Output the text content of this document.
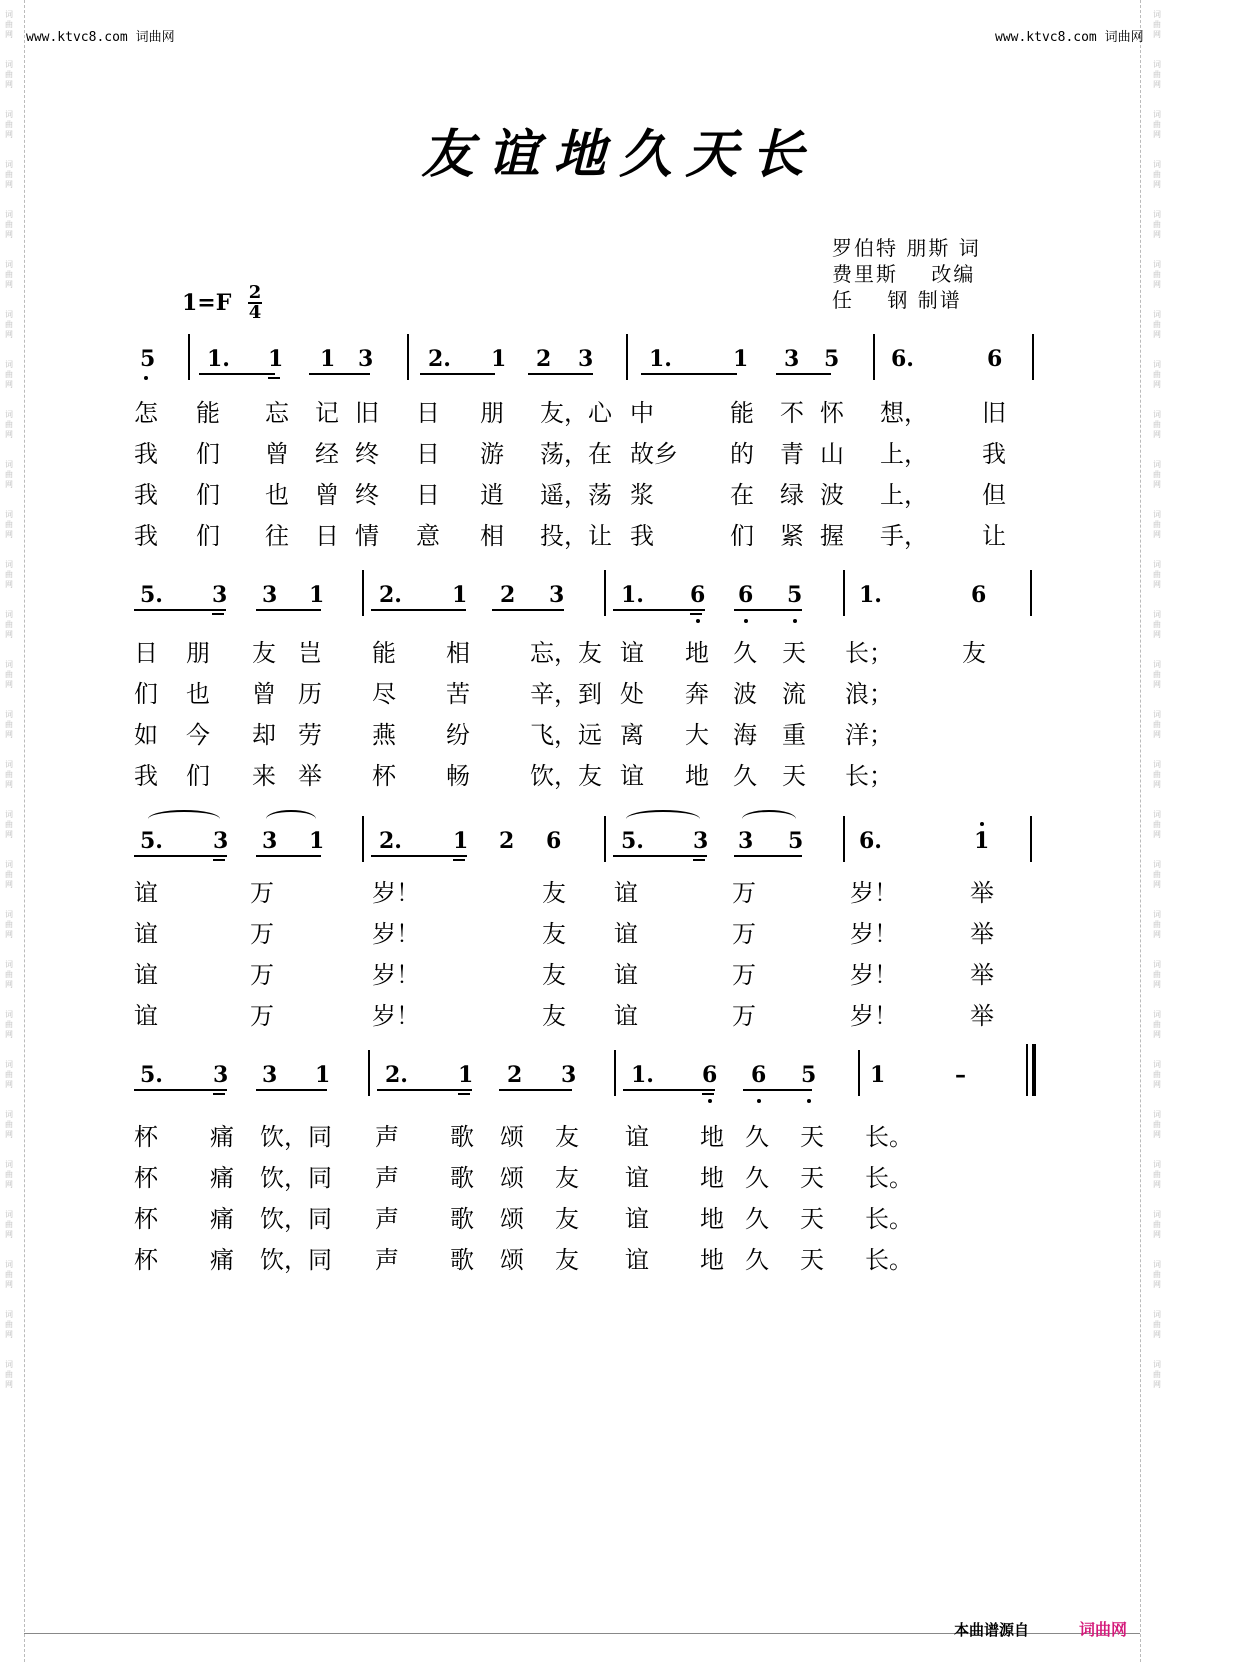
词
曲
网

词
曲
网

词
曲
网

词
曲
网

词
曲
网

词
曲
网

词
曲
网

词
曲
网

词
曲
网

词
曲
网

词
曲
网

词
曲
网

词
曲
网

词
曲
网

词
曲
网

词
曲
网

词
曲
网

词
曲
网

词
曲
网

词
曲
网

词
曲
网

词
曲
网

词
曲
网

词
曲
网

词
曲
网

词
曲
网

词
曲
网

词
曲
网

词
曲
网

词
曲
网

词
曲
网

词
曲
网

词
曲
网

词
曲
网

词
曲
网

词
曲
网

词
曲
网

词
曲
网

词
曲
网

词
曲
网

词
曲
网

词
曲
网

词
曲
网

词
曲
网

词
曲
网

词
曲
网

词
曲
网

词
曲
网

词
曲
网

词
曲
网

词
曲
网

词
曲
网

词
曲
网

词
曲
网

词
曲
网

词
曲
网

www.ktvc8.com 词曲网	www.ktvc8.com 词曲网
友谊地久天长
罗伯特 朋斯 词
费里斯    改编
任    钢 制谱
1=F 2
4
5 1.	1 1 3 2.	1 2 3	1.	1 3 5 6.	6
怎 能 忘 记 旧 日 朋 友，心 中	能 不 怀 想， 旧
我 们 曾 经 终 日 游 荡，在 故乡 的 青 山 上， 我
我 们 也 曾 终 日 逍 遥，荡 浆	在 绿 波 上， 但
我 们 往 日 情 意 相 投，让 我	们 紧 握 手， 让
5.	3 3 1 2.	1 2 3	1.	6 6 5	1.	6
日 朋 友 岂 能 相	忘，友 谊 地 久 天 长；	友
们 也 曾 历 尽 苦	辛，到 处 奔 波 流 浪；
如 今 却 劳 燕 纷	飞，远 离 大 海 重 洋；
我 们 来 举 杯 畅	饮，友 谊 地 久 天 长；
5.	3 3 1 2.	1 2 6	5.	3 3 5	6.	1
谊	万	岁！	友 谊	万	岁！	举
谊	万	岁！	友 谊	万	岁！	举
谊	万	岁！	友 谊	万	岁！	举
谊	万	岁！	友 谊	万	岁！	举
5.	3 3 1 2.	1 2 3 1.	6 6 5 1	–
杯 痛 饮，同 声 歌 颂 友 谊 地 久 天 长。
杯 痛 饮，同 声 歌 颂 友 谊 地 久 天 长。
杯 痛 饮，同 声 歌 颂 友 谊 地 久 天 长。
杯 痛 饮，同 声 歌 颂 友 谊 地 久 天 长。
本曲谱源自	词曲网
